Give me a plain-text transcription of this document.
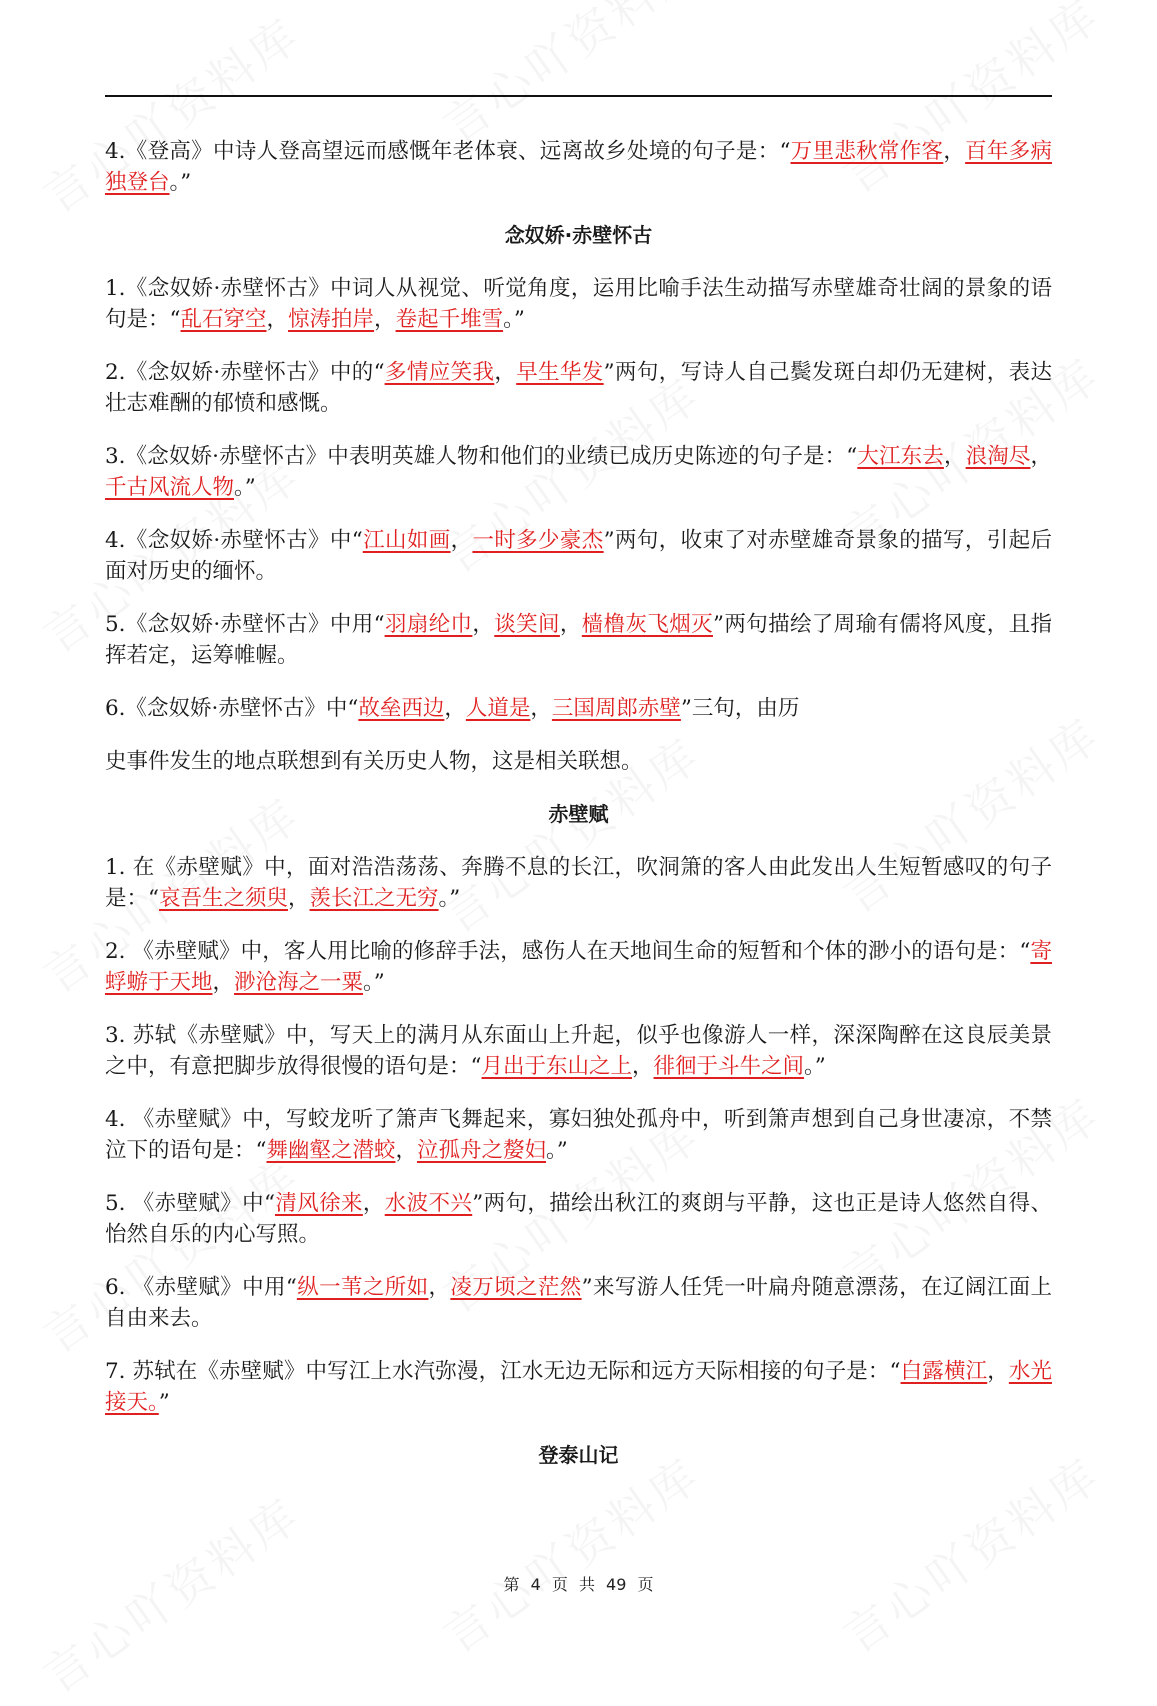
4.《登高》中诗人登高望远而感慨年老体衰、远离故乡处境的句子是：“万里悲秋常作客，百年多病独登台。”

念奴娇·赤壁怀古

1.《念奴娇·赤壁怀古》中词人从视觉、听觉角度，运用比喻手法生动描写赤壁雄奇壮阔的景象的语句是：“乱石穿空，惊涛拍岸，卷起千堆雪。”

2.《念奴娇·赤壁怀古》中的“多情应笑我，早生华发”两句，写诗人自己鬓发斑白却仍无建树，表达壮志难酬的郁愤和感慨。

3.《念奴娇·赤壁怀古》中表明英雄人物和他们的业绩已成历史陈迹的句子是：“大江东去，浪淘尽，千古风流人物。”

4.《念奴娇·赤壁怀古》中“江山如画，一时多少豪杰”两句，收束了对赤壁雄奇景象的描写，引起后面对历史的缅怀。

5.《念奴娇·赤壁怀古》中用“羽扇纶巾，谈笑间，樯橹灰飞烟灭”两句描绘了周瑜有儒将风度，且指挥若定，运筹帷幄。

6.《念奴娇·赤壁怀古》中“故垒西边，人道是，三国周郎赤壁”三句，由历

史事件发生的地点联想到有关历史人物，这是相关联想。

赤壁赋

1. 在《赤壁赋》中，面对浩浩荡荡、奔腾不息的长江，吹洞箫的客人由此发出人生短暂感叹的句子是：“哀吾生之须臾，羡长江之无穷。”

2. 《赤壁赋》中，客人用比喻的修辞手法，感伤人在天地间生命的短暂和个体的渺小的语句是：“寄蜉蝣于天地，渺沧海之一粟。”

3. 苏轼《赤壁赋》中，写天上的满月从东面山上升起，似乎也像游人一样，深深陶醉在这良辰美景之中，有意把脚步放得很慢的语句是：“月出于东山之上，徘徊于斗牛之间。”

4. 《赤壁赋》中，写蛟龙听了箫声飞舞起来，寡妇独处孤舟中，听到箫声想到自己身世凄凉，不禁泣下的语句是：“舞幽壑之潜蛟，泣孤舟之嫠妇。”

5. 《赤壁赋》中“清风徐来，水波不兴”两句，描绘出秋江的爽朗与平静，这也正是诗人悠然自得、怡然自乐的内心写照。

6. 《赤壁赋》中用“纵一苇之所如，凌万顷之茫然”来写游人任凭一叶扁舟随意漂荡，在辽阔江面上自由来去。

7. 苏轼在《赤壁赋》中写江上水汽弥漫，江水无边无际和远方天际相接的句子是：“白露横江，水光接天。”

登泰山记
第 4 页 共 49 页
